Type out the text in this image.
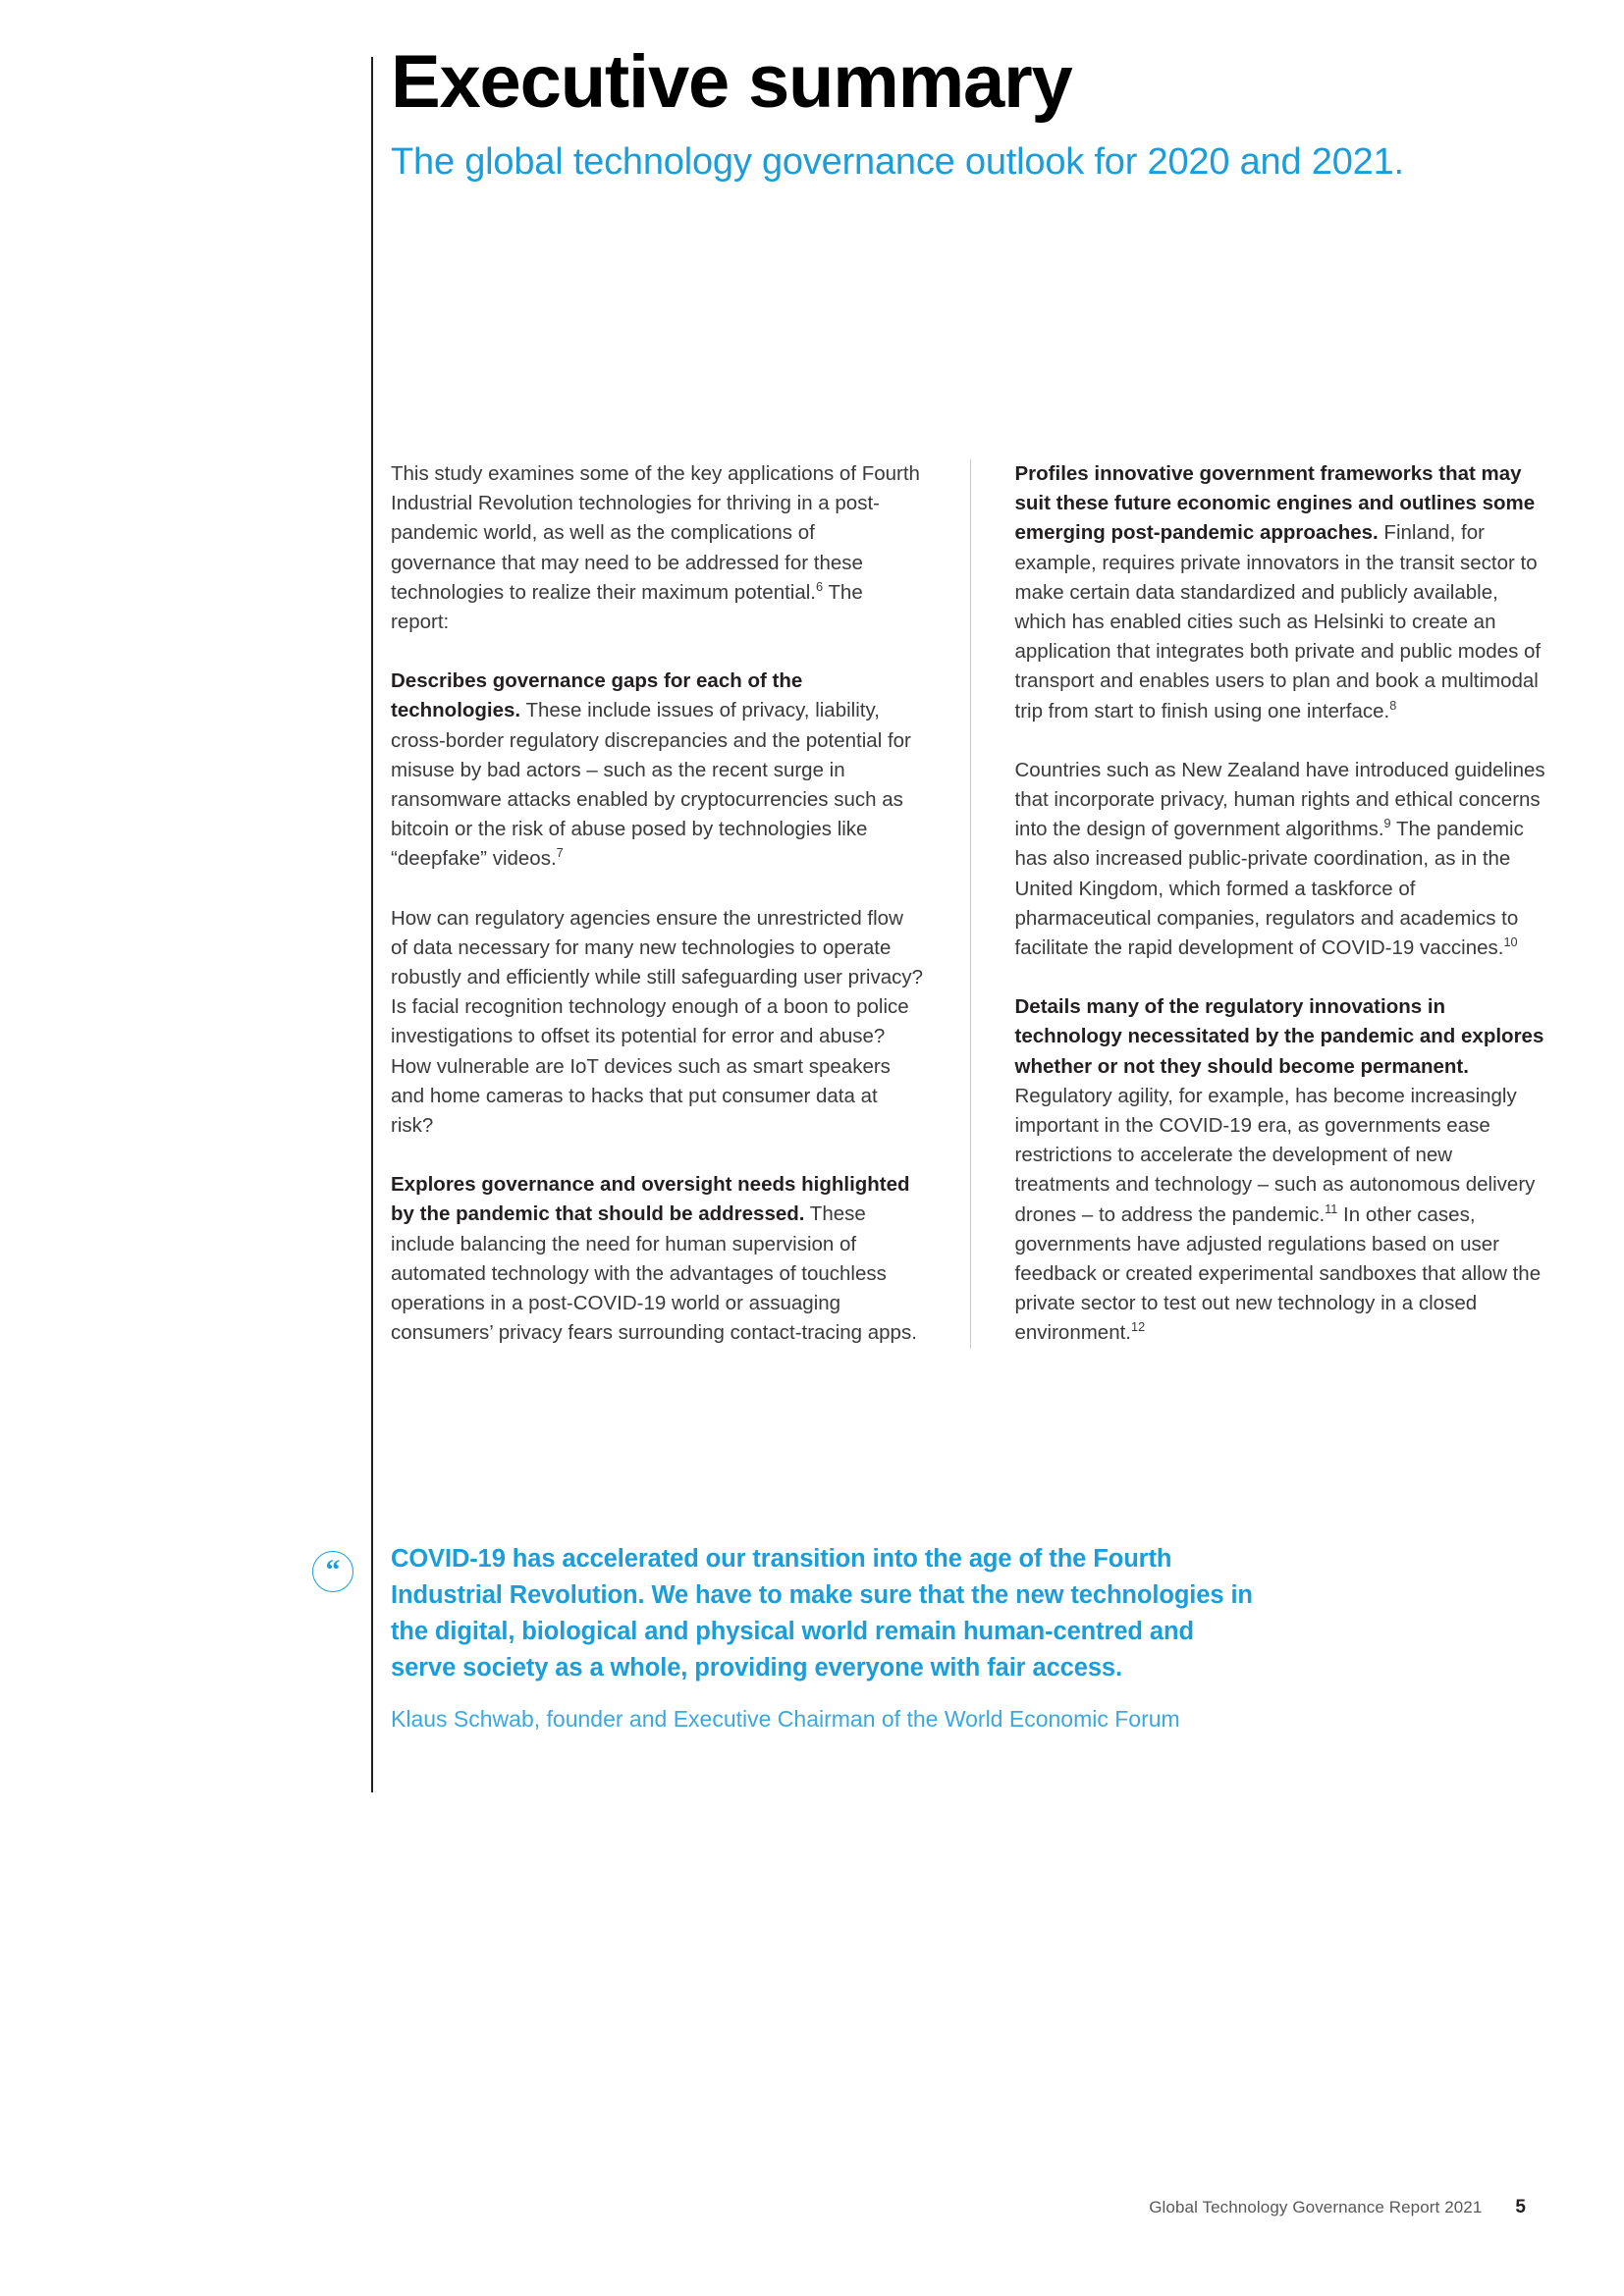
Executive summary
The global technology governance outlook for 2020 and 2021.

This study examines some of the key applications of Fourth Industrial Revolution technologies for thriving in a post-pandemic world, as well as the complications of governance that may need to be addressed for these technologies to realize their maximum potential.$^6$ The report:

Describes governance gaps for each of the technologies. These include issues of privacy, liability, cross-border regulatory discrepancies and the potential for misuse by bad actors – such as the recent surge in ransomware attacks enabled by cryptocurrencies such as bitcoin or the risk of abuse posed by technologies like “deepfake” videos.$^7$

How can regulatory agencies ensure the unrestricted flow of data necessary for many new technologies to operate robustly and efficiently while still safeguarding user privacy? Is facial recognition technology enough of a boon to police investigations to offset its potential for error and abuse? How vulnerable are IoT devices such as smart speakers and home cameras to hacks that put consumer data at risk?

Explores governance and oversight needs highlighted by the pandemic that should be addressed. These include balancing the need for human supervision of automated technology with the advantages of touchless operations in a post-COVID-19 world or assuaging consumers’ privacy fears surrounding contact-tracing apps.

Profiles innovative government frameworks that may suit these future economic engines and outlines some emerging post-pandemic approaches. Finland, for example, requires private innovators in the transit sector to make certain data standardized and publicly available, which has enabled cities such as Helsinki to create an application that integrates both private and public modes of transport and enables users to plan and book a multimodal trip from start to finish using one interface.$^8$

Countries such as New Zealand have introduced guidelines that incorporate privacy, human rights and ethical concerns into the design of government algorithms.$^9$ The pandemic has also increased public-private coordination, as in the United Kingdom, which formed a taskforce of pharmaceutical companies, regulators and academics to facilitate the rapid development of COVID-19 vaccines.$^{10}$

Details many of the regulatory innovations in technology necessitated by the pandemic and explores whether or not they should become permanent. Regulatory agility, for example, has become increasingly important in the COVID-19 era, as governments ease restrictions to accelerate the development of new treatments and technology – such as autonomous delivery drones – to address the pandemic.$^{11}$ In other cases, governments have adjusted regulations based on user feedback or created experimental sandboxes that allow the private sector to test out new technology in a closed environment.$^{12}$

“	COVID-19 has accelerated our transition into the age of the Fourth Industrial Revolution. We have to make sure that the new technologies in the digital, biological and physical world remain human-centred and serve society as a whole, providing everyone with fair access.

Klaus Schwab, founder and Executive Chairman of the World Economic Forum

Global Technology Governance Report 2021 5
